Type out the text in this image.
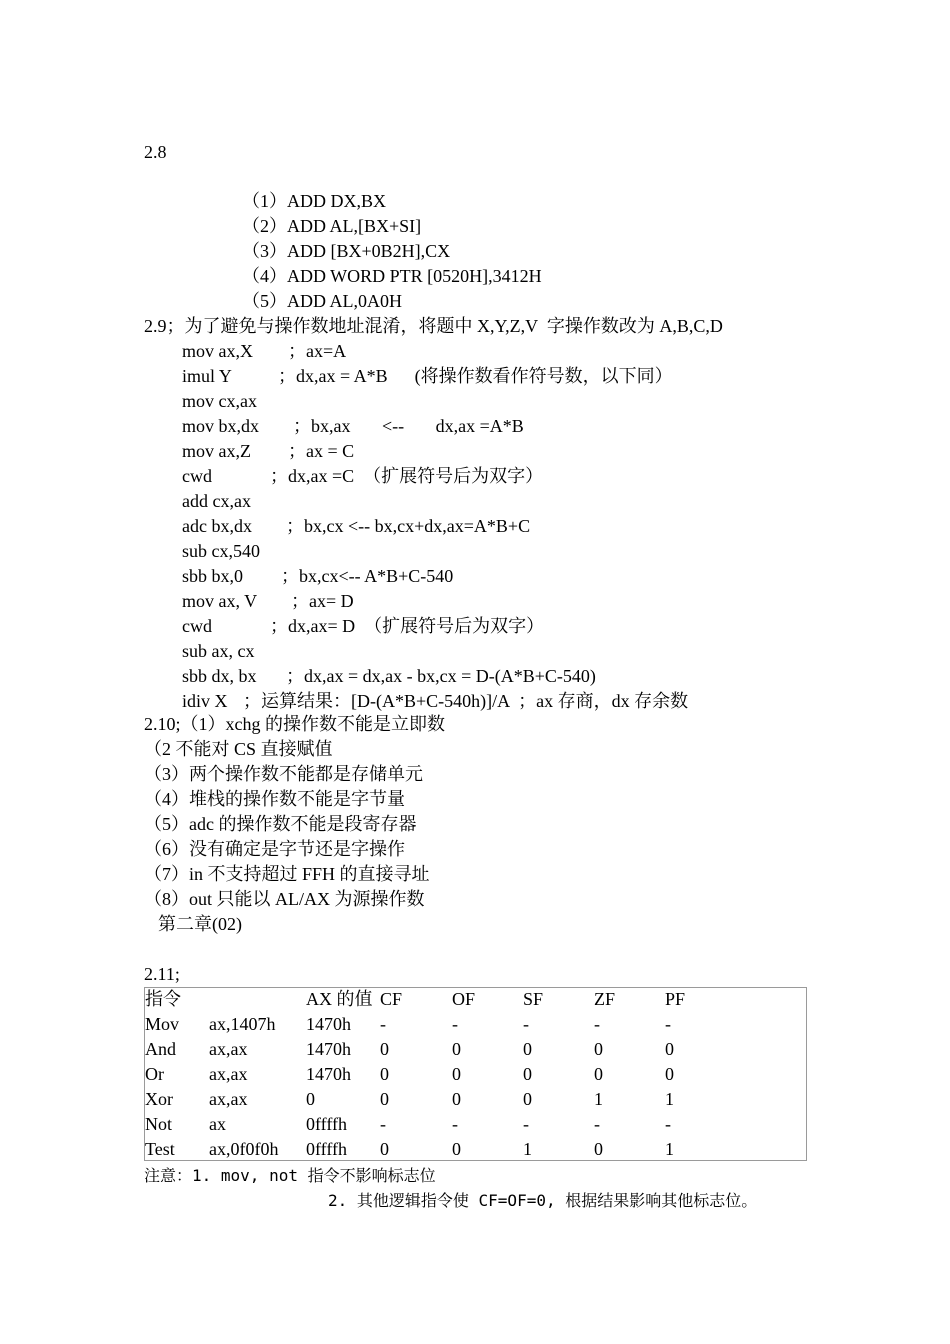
2.8
（1）ADD DX,BX
（2）ADD AL,[BX+SI]
（3）ADD [BX+0B2H],CX
（4）ADD WORD PTR [0520H],3412H
（5）ADD AL,0A0H
2.9；为了避免与操作数地址混淆，将题中 X,Y,Z,V  字操作数改为 A,B,C,D
mov ax,X ；ax=A
imul Y	；dx,ax = A*B      (将操作数看作符号数，以下同）
mov cx,ax
mov bx,dx ；bx,ax       <--       dx,ax =A*B
mov ax,Z ；ax = C
cwd	；dx,ax =C  （扩展符号后为双字）
add cx,ax
adc bx,dx ；bx,cx <-- bx,cx+dx,ax=A*B+C
sub cx,540
sbb bx,0 ；bx,cx<-- A*B+C-540
mov ax, V ；ax= D
cwd	；dx,ax= D  （扩展符号后为双字）
sub ax, cx
sbb dx, bx ；dx,ax = dx,ax - bx,cx = D-(A*B+C-540)
idiv X ；运算结果：[D-(A*B+C-540h)]/A  ；ax 存商，dx 存余数
2.10;（1）xchg 的操作数不能是立即数
（2 不能对 CS 直接赋值
（3）两个操作数不能都是存储单元
（4）堆栈的操作数不能是字节量
（5）adc 的操作数不能是段寄存器
（6）没有确定是字节还是字操作
（7）in 不支持超过 FFH 的直接寻址
（8）out 只能以 AL/AX 为源操作数
第二章(02)
2.11;
指令	AX 的值 CF	OF	SF	ZF	PF
Mov ax,1407h 1470h -	-	-	-	-
And ax,ax	1470h 0	0	0	0	0
Or	ax,ax	1470h 0	0	0	0	0
Xor ax,ax	0	0	0	0	1	1
Not ax	0ffffh -	-	-	-	-
Test ax,0f0f0h 0ffffh 0	0	1	0	1
注意：1. mov, not 指令不影响标志位
2. 其他逻辑指令使 CF=OF=0, 根据结果影响其他标志位。
